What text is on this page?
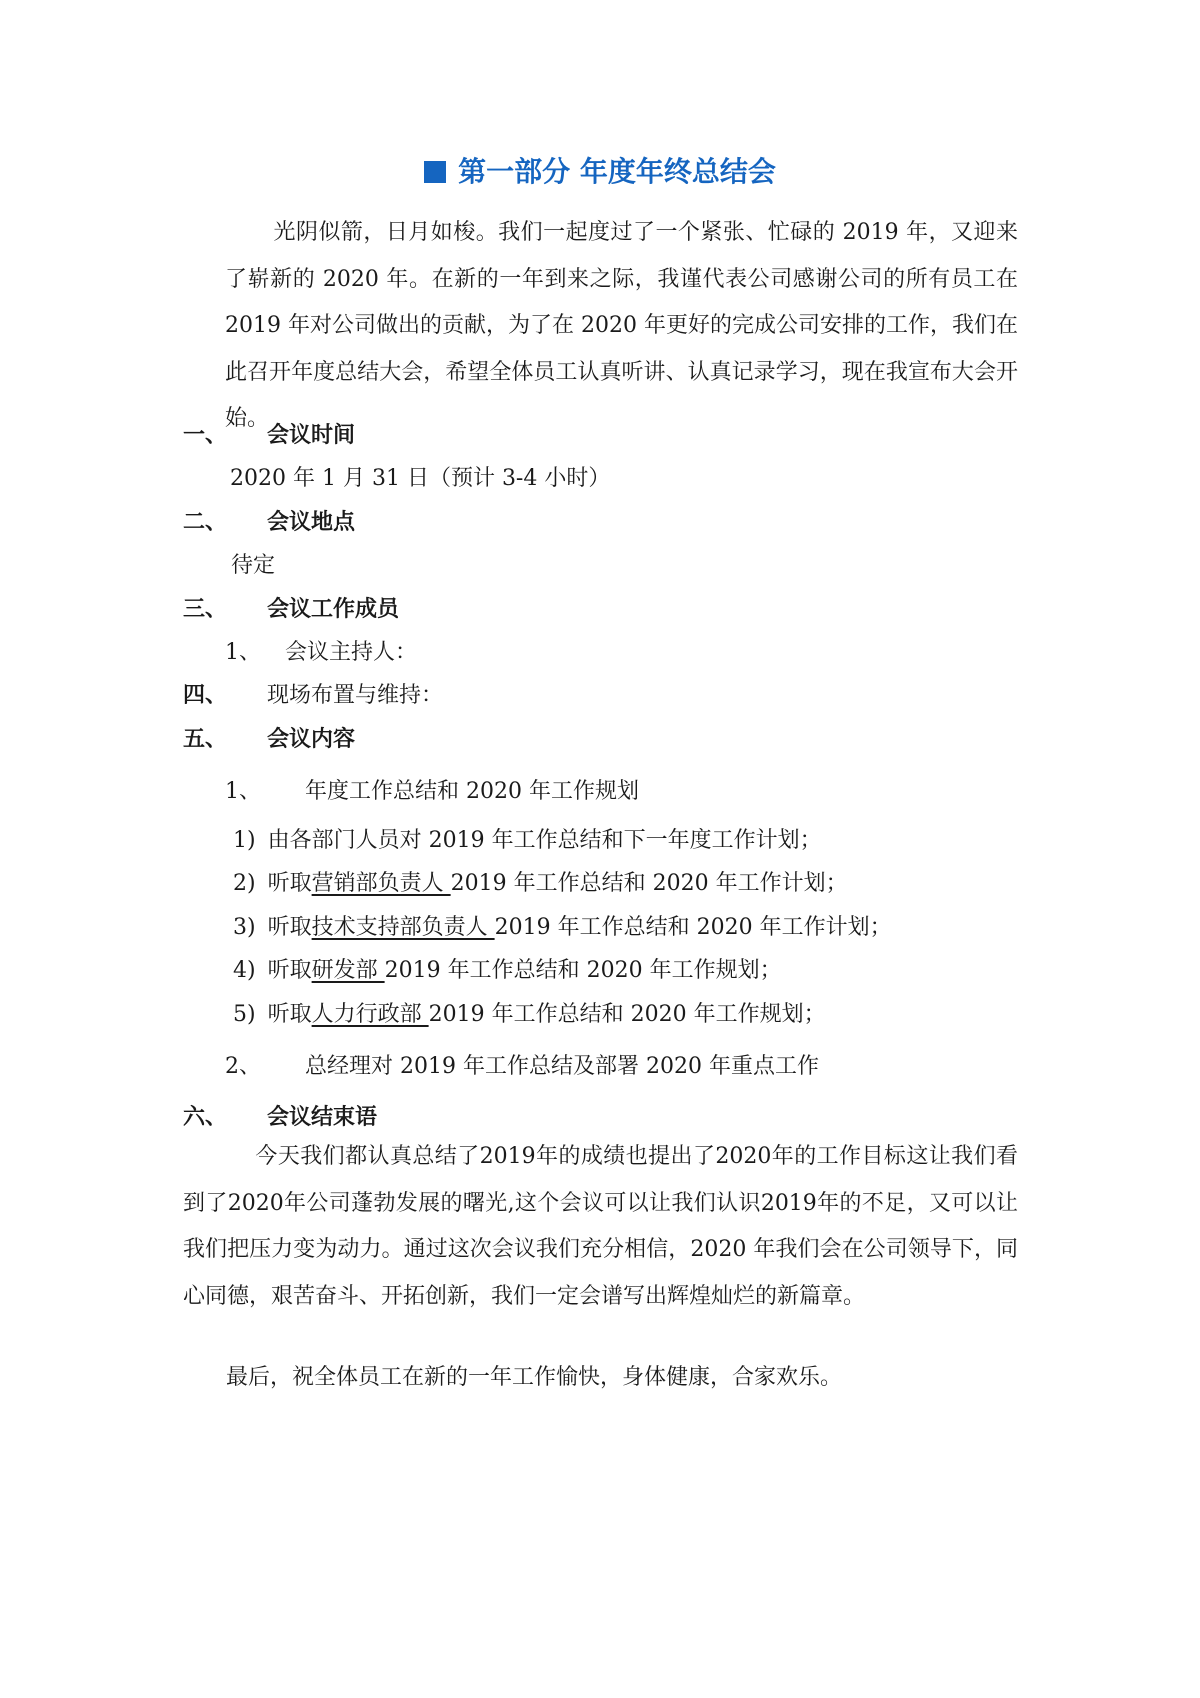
第一部分 年度年终总结会

光阴似箭，日月如梭。我们一起度过了一个紧张、忙碌的 2019 年，又迎来了崭新的 2020 年。在新的一年到来之际，我谨代表公司感谢公司的所有员工在 2019 年对公司做出的贡献，为了在 2020 年更好的完成公司安排的工作，我们在此召开年度总结大会，希望全体员工认真听讲、认真记录学习，现在我宣布大会开始。

一、 会议时间
2020 年 1 月 31 日（预计 3-4 小时）
二、 会议地点
待定
三、 会议工作成员
1、 会议主持人：
四、 现场布置与维持：
五、 会议内容
1、 年度工作总结和 2020 年工作规划
1) 由各部门人员对 2019 年工作总结和下一年度工作计划；
2) 听取营销部负责人 2019 年工作总结和 2020 年工作计划；
3) 听取技术支持部负责人 2019 年工作总结和 2020 年工作计划；
4) 听取研发部 2019 年工作总结和 2020 年工作规划；
5) 听取人力行政部 2019 年工作总结和 2020 年工作规划；
2、 总经理对 2019 年工作总结及部署 2020 年重点工作
六、 会议结束语

今天我们都认真总结了2019年的成绩也提出了2020年的工作目标这让我们看到了2020年公司蓬勃发展的曙光,这个会议可以让我们认识2019年的不足，又可以让我们把压力变为动力。通过这次会议我们充分相信，2020 年我们会在公司领导下，同心同德，艰苦奋斗、开拓创新，我们一定会谱写出辉煌灿烂的新篇章。

最后，祝全体员工在新的一年工作愉快，身体健康，合家欢乐。
